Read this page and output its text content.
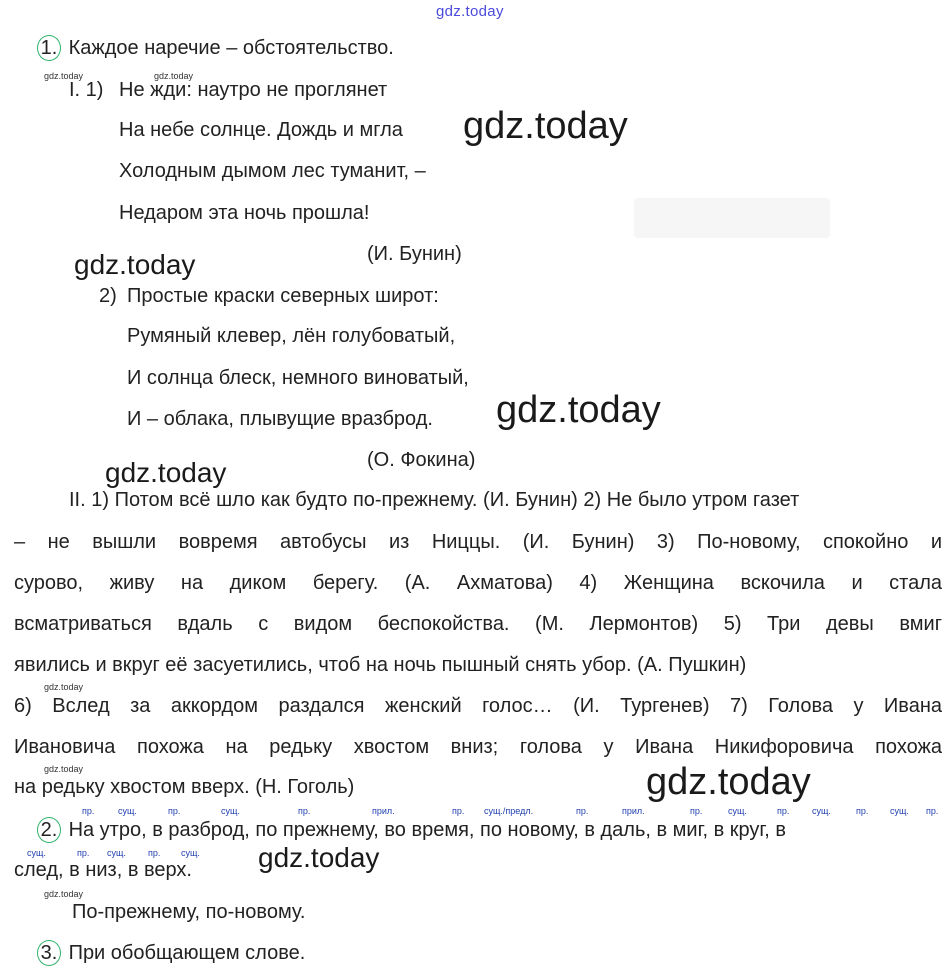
gdz.today
1. Каждое наречие – обстоятельство.
gdz.today	gdz.today
I. 1) Не жди: наутро не проглянет
На небе солнце. Дождь и мгла
Холодным дымом лес туманит, –
Недаром эта ночь прошла!
(И. Бунин)
gdz.today
gdz.today
2) Простые краски северных широт:
Румяный клевер, лён голубоватый,
И солнца блеск, немного виноватый,
И – облака, плывущие вразброд.
(О. Фокина)
gdz.today
gdz.today
II. 1) Потом всё шло как будто по-прежнему. (И. Бунин) 2) Не было утром газет
– не вышли вовремя автобусы из Ниццы. (И. Бунин) 3) По-новому, спокойно и
сурово, живу на диком берегу. (А. Ахматова) 4) Женщина вскочила и стала
всматриваться вдаль с видом беспокойства. (М. Лермонтов) 5) Три девы вмиг
явились и вкруг её засуетились, чтоб на ночь пышный снять убор. (А. Пушкин)
gdz.today
6) Вслед за аккордом раздался женский голос… (И. Тургенев) 7) Голова у Ивана
Ивановича похожа на редьку хвостом вниз; голова у Ивана Никифоровича похожа
gdz.today
на редьку хвостом вверх. (Н. Гоголь)	gdz.today
пр.	сущ.	пр.	сущ.	пр.	прил.	пр. сущ./предл.	пр.	прил.	пр.	сущ.	пр.	сущ.	пр. сущ. пр.
2. На утро, в разброд, по прежнему, во время, по новому, в даль, в миг, в круг, в
сущ.	пр. сущ. пр. сущ. gdz.today
след, в низ, в верх.
gdz.today
По-прежнему, по-новому.
3. При обобщающем слове.
